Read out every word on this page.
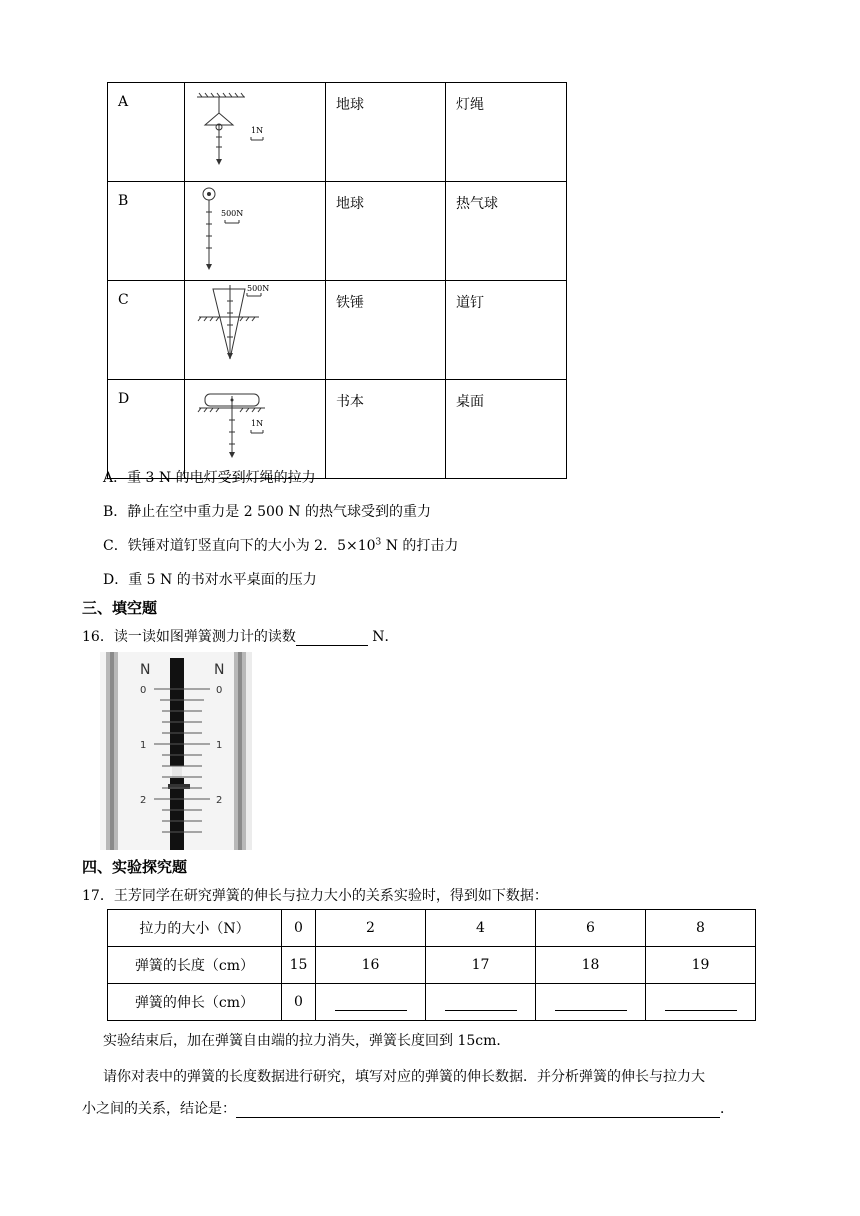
A	1N	地球	灯绳
B	500N	地球	热气球
C	500N	铁锤	道钉
D	1N	书本	桌面
A．重 3 N 的电灯受到灯绳的拉力
B．静止在空中重力是 2 500 N 的热气球受到的重力
C．铁锤对道钉竖直向下的大小为 2．$5\times 10^3$ N 的打击力
D．重 5 N 的书对水平桌面的压力
三、填空题
16．读一读如图弹簧测力计的读数	N．
N	N
0	0
1	1
2	2
四、实验探究题
17．王芳同学在研究弹簧的伸长与拉力大小的关系实验时，得到如下数据：
拉力的大小（N）	0	2	4	6	8
弹簧的长度（cm）	15	16	17	18	19
弹簧的伸长（cm）	0				
实验结束后，加在弹簧自由端的拉力消失，弹簧长度回到 15cm．
请你对表中的弹簧的长度数据进行研究，填写对应的弹簧的伸长数据．并分析弹簧的伸长与拉力大
小之间的关系，结论是：	．
